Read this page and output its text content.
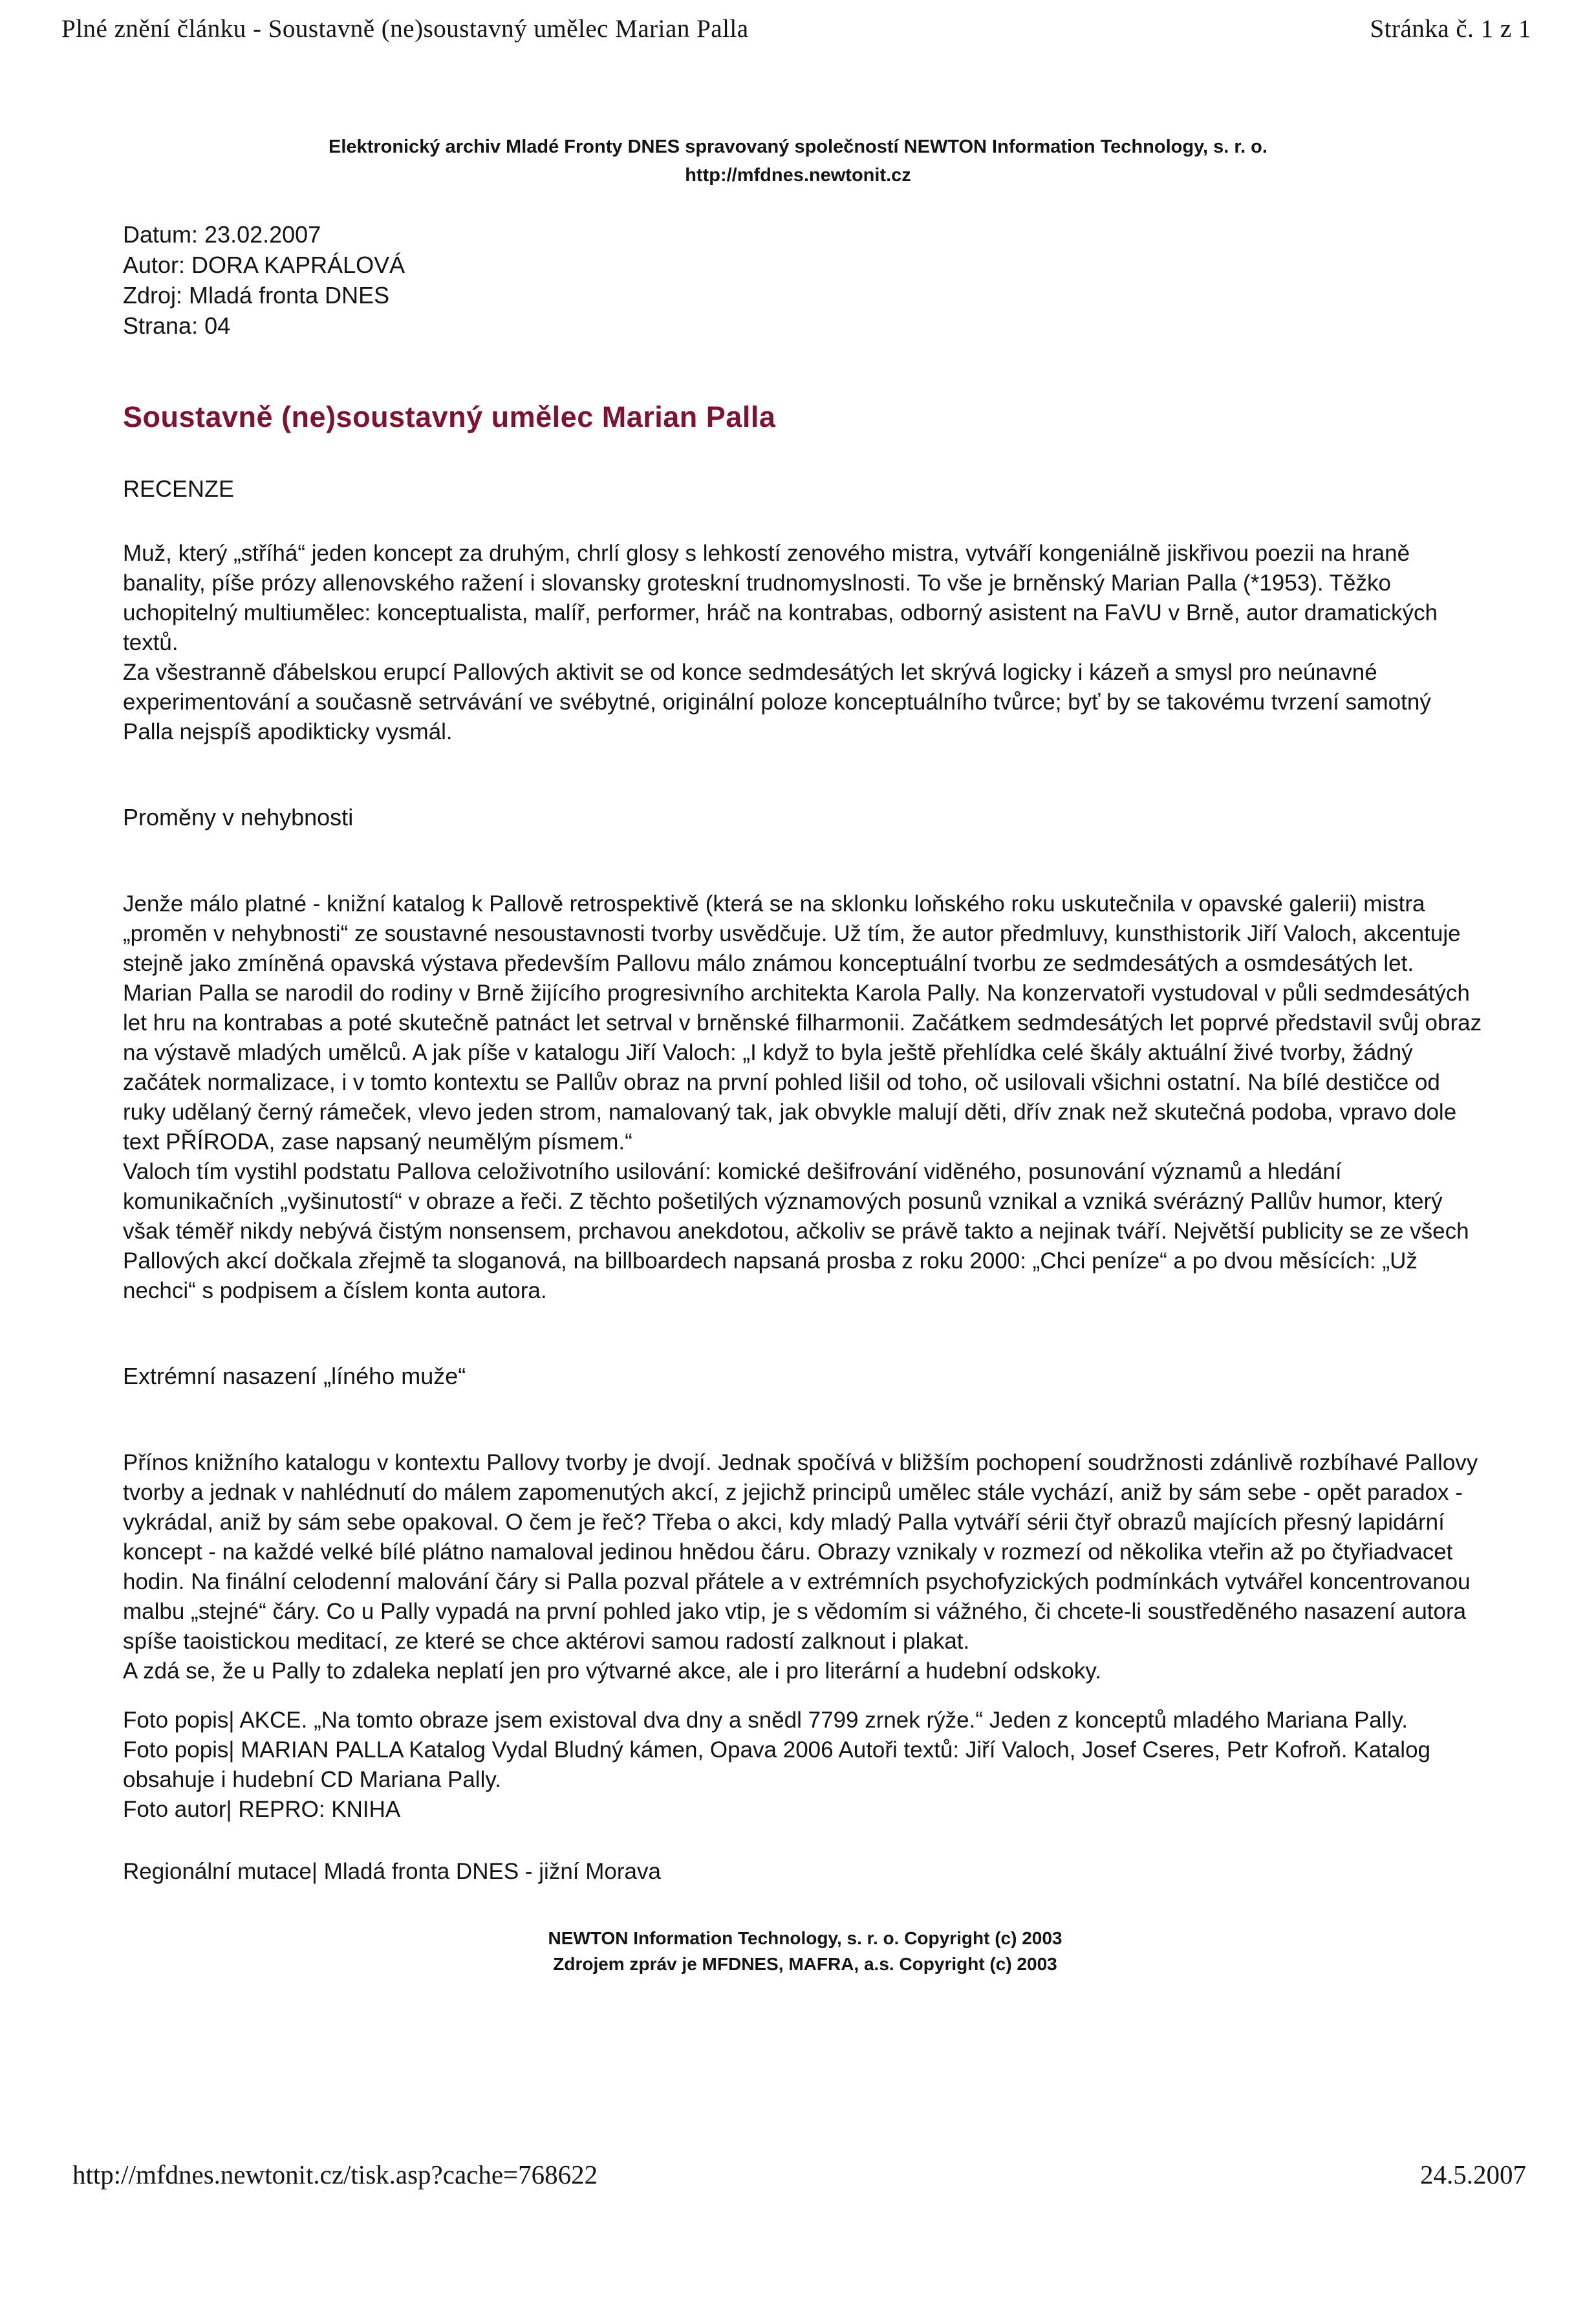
Plné znění článku - Soustavně (ne)soustavný umělec Marian Palla	Stránka č. 1 z 1
Elektronický archiv Mladé Fronty DNES spravovaný společností NEWTON Information Technology, s. r. o.
http://mfdnes.newtonit.cz
Datum: 23.02.2007
Autor: DORA KAPRÁLOVÁ
Zdroj: Mladá fronta DNES
Strana: 04
Soustavně (ne)soustavný umělec Marian Palla
RECENZE
Muž, který „stříhá“ jeden koncept za druhým, chrlí glosy s lehkostí zenového mistra, vytváří kongeniálně jiskřivou poezii na hraně banality, píše prózy allenovského ražení i slovansky groteskní trudnomyslnosti. To vše je brněnský Marian Palla (*1953). Těžko uchopitelný multiumělec: konceptualista, malíř, performer, hráč na kontrabas, odborný asistent na FaVU v Brně, autor dramatických textů.
Za všestranně ďábelskou erupcí Pallových aktivit se od konce sedmdesátých let skrývá logicky i kázeň a smysl pro neúnavné experimentování a současně setrvávání ve svébytné, originální poloze konceptuálního tvůrce; byť by se takovému tvrzení samotný Palla nejspíš apodikticky vysmál.
Proměny v nehybnosti
Jenže málo platné - knižní katalog k Pallově retrospektivě (která se na sklonku loňského roku uskutečnila v opavské galerii) mistra „proměn v nehybnosti“ ze soustavné nesoustavnosti tvorby usvědčuje. Už tím, že autor předmluvy, kunsthistorik Jiří Valoch, akcentuje stejně jako zmíněná opavská výstava především Pallovu málo známou konceptuální tvorbu ze sedmdesátých a osmdesátých let.
Marian Palla se narodil do rodiny v Brně žijícího progresivního architekta Karola Pally. Na konzervatoři vystudoval v půli sedmdesátých let hru na kontrabas a poté skutečně patnáct let setrval v brněnské filharmonii. Začátkem sedmdesátých let poprvé představil svůj obraz na výstavě mladých umělců. A jak píše v katalogu Jiří Valoch: „I když to byla ještě přehlídka celé škály aktuální živé tvorby, žádný začátek normalizace, i v tomto kontextu se Pallův obraz na první pohled lišil od toho, oč usilovali všichni ostatní. Na bílé destičce od ruky udělaný černý rámeček, vlevo jeden strom, namalovaný tak, jak obvykle malují děti, dřív znak než skutečná podoba, vpravo dole text PŘÍRODA, zase napsaný neumělým písmem.“
Valoch tím vystihl podstatu Pallova celoživotního usilování: komické dešifrování viděného, posunování významů a hledání komunikačních „vyšinutostí“ v obraze a řeči. Z těchto pošetilých významových posunů vznikal a vzniká svérázný Pallův humor, který však téměř nikdy nebývá čistým nonsensem, prchavou anekdotou, ačkoliv se právě takto a nejinak tváří. Největší publicity se ze všech Pallových akcí dočkala zřejmě ta sloganová, na billboardech napsaná prosba z roku 2000: „Chci peníze“ a po dvou měsících: „Už nechci“ s podpisem a číslem konta autora.
Extrémní nasazení „líného muže“
Přínos knižního katalogu v kontextu Pallovy tvorby je dvojí. Jednak spočívá v bližším pochopení soudržnosti zdánlivě rozbíhavé Pallovy tvorby a jednak v nahlédnutí do málem zapomenutých akcí, z jejichž principů umělec stále vychází, aniž by sám sebe - opět paradox - vykrádal, aniž by sám sebe opakoval. O čem je řeč? Třeba o akci, kdy mladý Palla vytváří sérii čtyř obrazů majících přesný lapidární koncept - na každé velké bílé plátno namaloval jedinou hnědou čáru. Obrazy vznikaly v rozmezí od několika vteřin až po čtyřiadvacet hodin. Na finální celodenní malování čáry si Palla pozval přátele a v extrémních psychofyzických podmínkách vytvářel koncentrovanou malbu „stejné“ čáry. Co u Pally vypadá na první pohled jako vtip, je s vědomím si vážného, či chcete-li soustředěného nasazení autora spíše taoistickou meditací, ze které se chce aktérovi samou radostí zalknout i plakat.
A zdá se, že u Pally to zdaleka neplatí jen pro výtvarné akce, ale i pro literární a hudební odskoky.
Foto popis| AKCE. „Na tomto obraze jsem existoval dva dny a snědl 7799 zrnek rýže.“ Jeden z konceptů mladého Mariana Pally.
Foto popis| MARIAN PALLA Katalog Vydal Bludný kámen, Opava 2006 Autoři textů: Jiří Valoch, Josef Cseres, Petr Kofroň. Katalog obsahuje i hudební CD Mariana Pally.
Foto autor| REPRO: KNIHA
Regionální mutace| Mladá fronta DNES - jižní Morava
NEWTON Information Technology, s. r. o. Copyright (c) 2003
Zdrojem zpráv je MFDNES, MAFRA, a.s. Copyright (c) 2003
http://mfdnes.newtonit.cz/tisk.asp?cache=768622	24.5.2007
